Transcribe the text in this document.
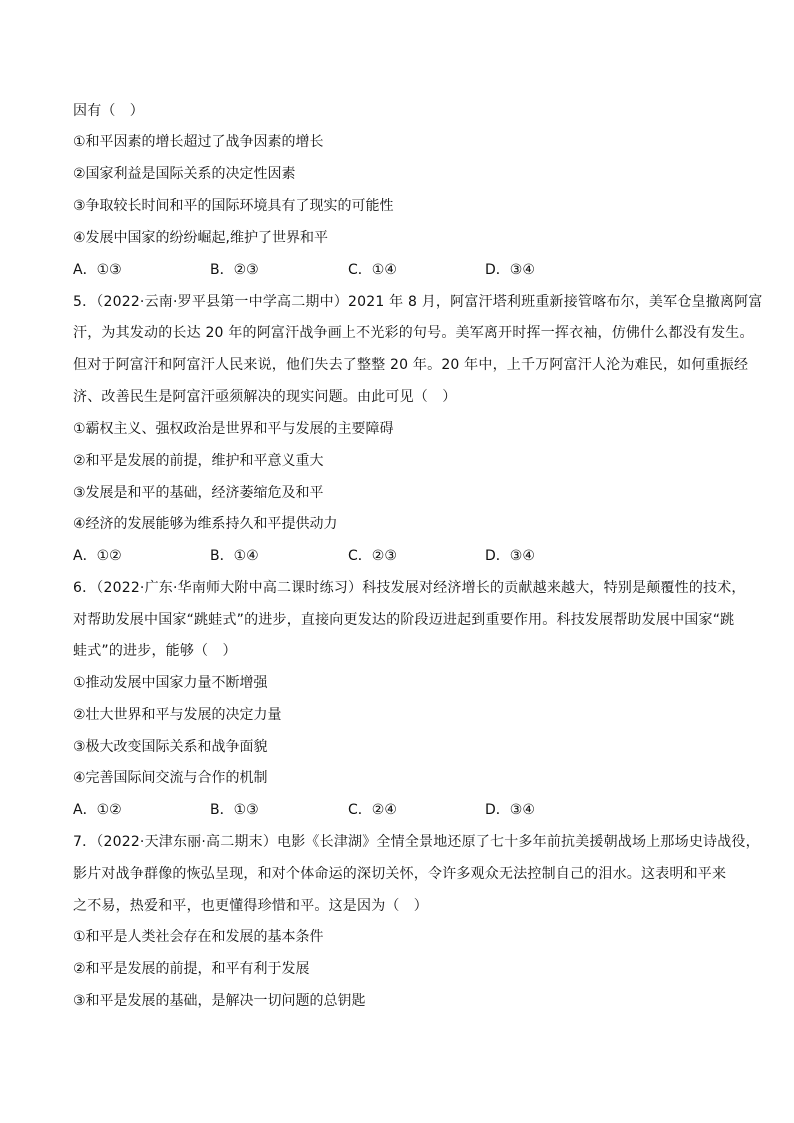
因有（　）
①和平因素的增长超过了战争因素的增长
②国家利益是国际关系的决定性因素
③争取较长时间和平的国际环境具有了现实的可能性
④发展中国家的纷纷崛起,维护了世界和平
A．①③	B．②③	C．①④	D．③④
5．（2022·云南·罗平县第一中学高二期中）2021 年 8 月，阿富汗塔利班重新接管喀布尔，美军仓皇撤离阿富
汗，为其发动的长达 20 年的阿富汗战争画上不光彩的句号。美军离开时挥一挥衣袖，仿佛什么都没有发生。
但对于阿富汗和阿富汗人民来说，他们失去了整整 20 年。20 年中，上千万阿富汗人沦为难民，如何重振经
济、改善民生是阿富汗亟须解决的现实问题。由此可见（　）
①霸权主义、强权政治是世界和平与发展的主要障碍
②和平是发展的前提，维护和平意义重大
③发展是和平的基础，经济萎缩危及和平
④经济的发展能够为维系持久和平提供动力
A．①②	B．①④	C．②③	D．③④
6．（2022·广东·华南师大附中高二课时练习）科技发展对经济增长的贡献越来越大，特别是颠覆性的技术，
对帮助发展中国家“跳蛙式”的进步，直接向更发达的阶段迈进起到重要作用。科技发展帮助发展中国家“跳
蛙式”的进步，能够（　）
①推动发展中国家力量不断增强
②壮大世界和平与发展的决定力量
③极大改变国际关系和战争面貌
④完善国际间交流与合作的机制
A．①②	B．①③	C．②④	D．③④
7．（2022·天津东丽·高二期末）电影《长津湖》全情全景地还原了七十多年前抗美援朝战场上那场史诗战役，
影片对战争群像的恢弘呈现，和对个体命运的深切关怀，令许多观众无法控制自己的泪水。这表明和平来
之不易，热爱和平，也更懂得珍惜和平。这是因为（　）
①和平是人类社会存在和发展的基本条件
②和平是发展的前提，和平有利于发展
③和平是发展的基础，是解决一切问题的总钥匙
